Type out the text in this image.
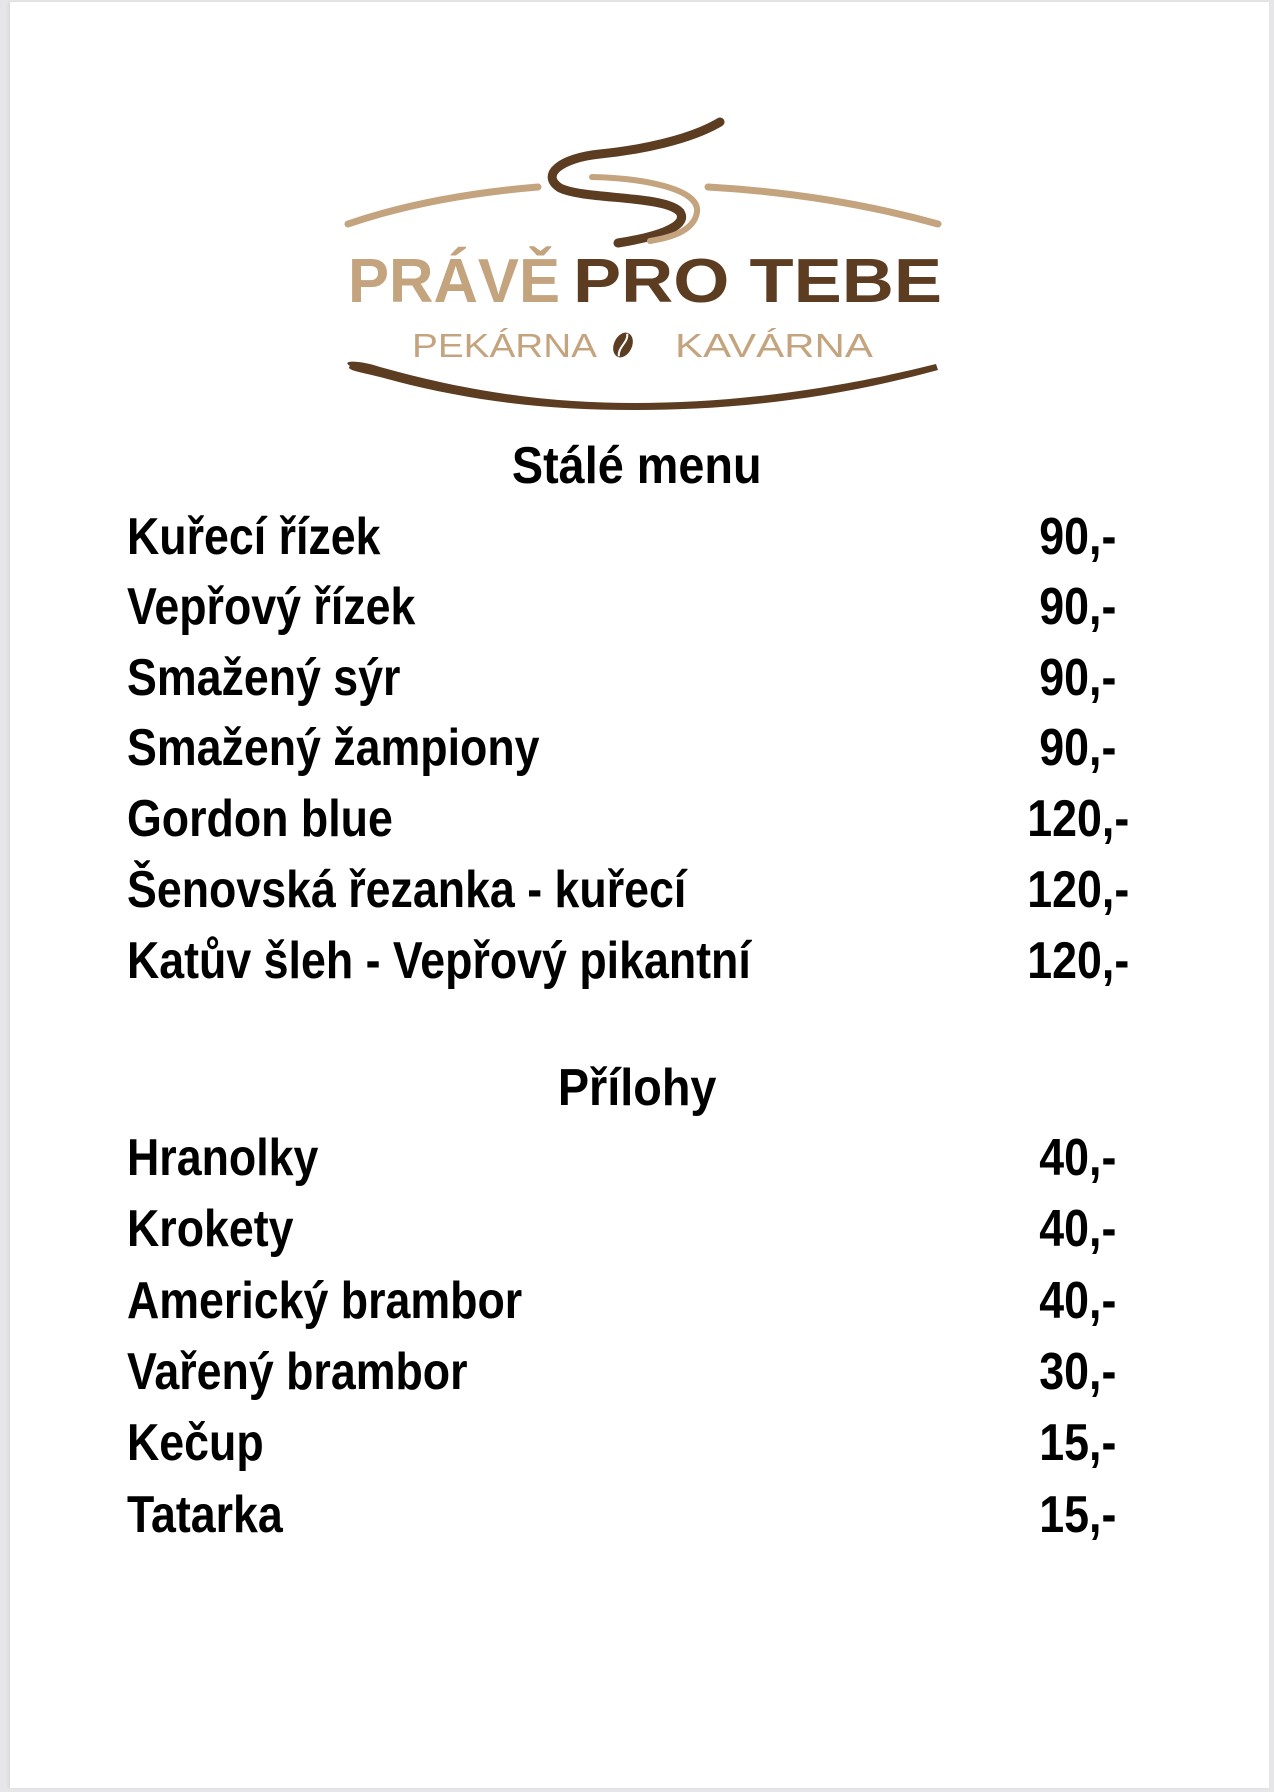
PRÁVĚ PRO TEBE
PEKÁRNA KAVÁRNA
Stálé menu
Kuřecí řízek	90,-
Vepřový řízek	90,-
Smažený sýr	90,-
Smažený žampiony	90,-
Gordon blue	120,-
Šenovská řezanka - kuřecí	120,-
Katův šleh - Vepřový pikantní	120,-
Přílohy
Hranolky	40,-
Krokety	40,-
Americký brambor	40,-
Vařený brambor	30,-
Kečup	15,-
Tatarka	15,-
